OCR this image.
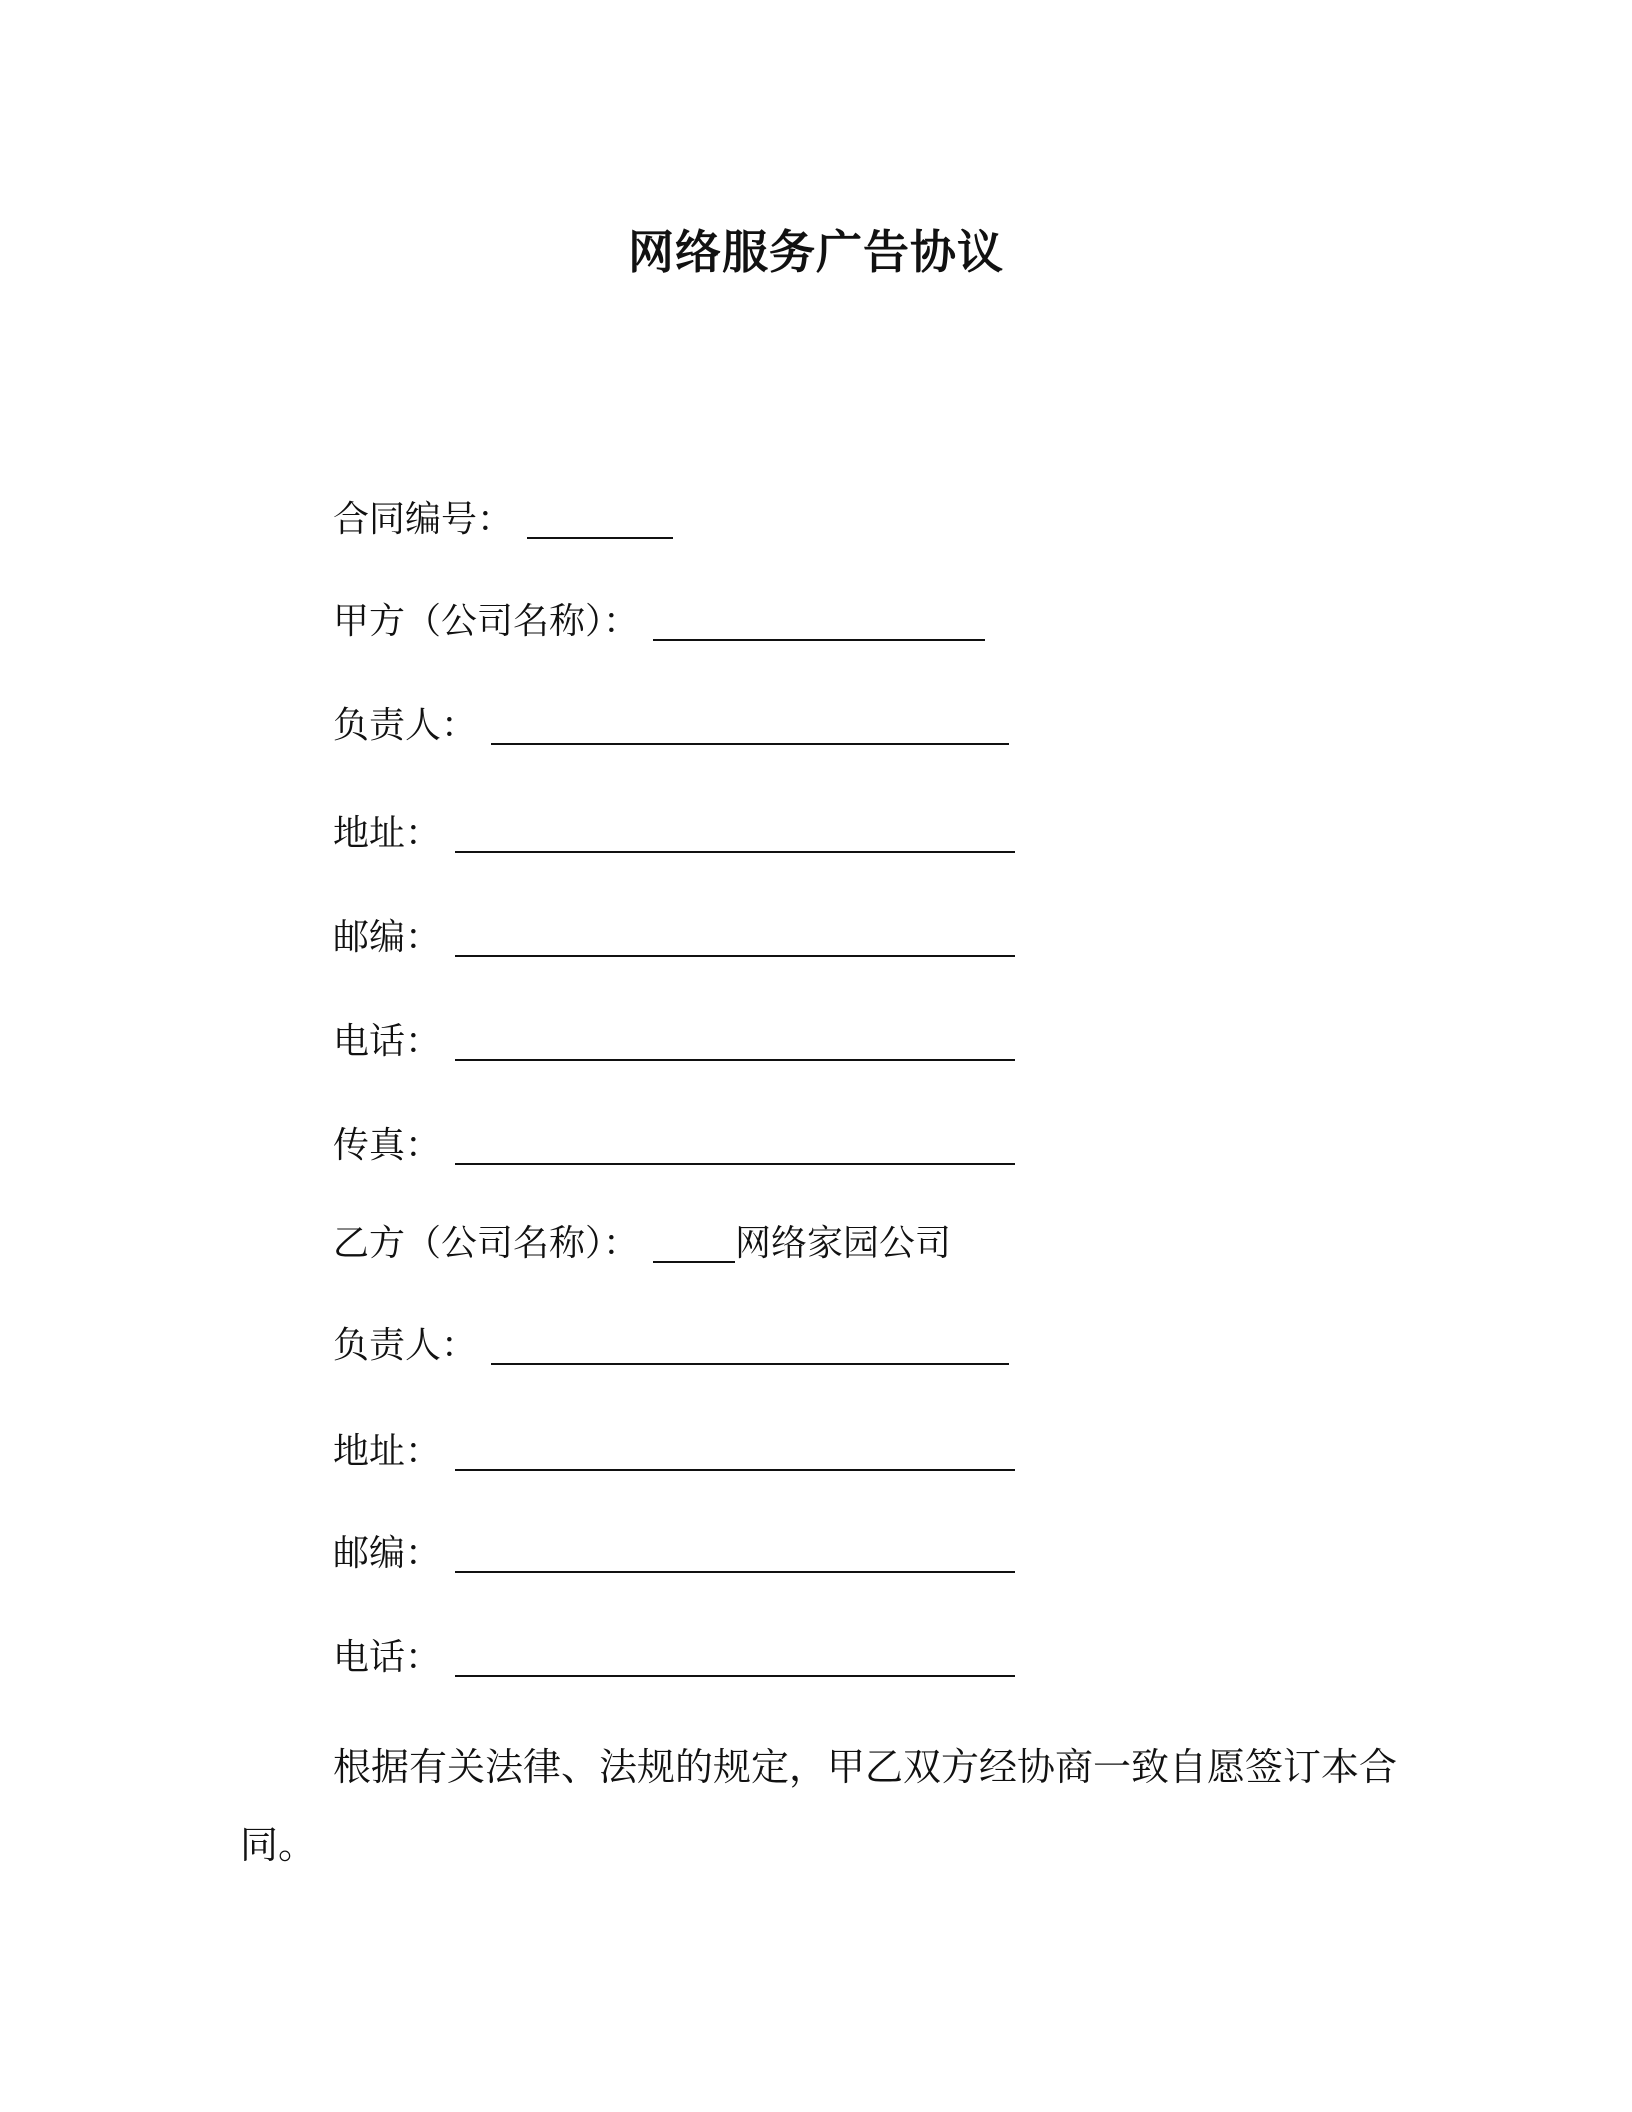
网络服务广告协议
合同编号：
甲方（公司名称）：
负责人：
地址：
邮编：
电话：
传真：
乙方（公司名称）：	网络家园公司
负责人：
地址：
邮编：
电话：
根据有关法律、法规的规定，甲乙双方经协商一致自愿签订本合同。
